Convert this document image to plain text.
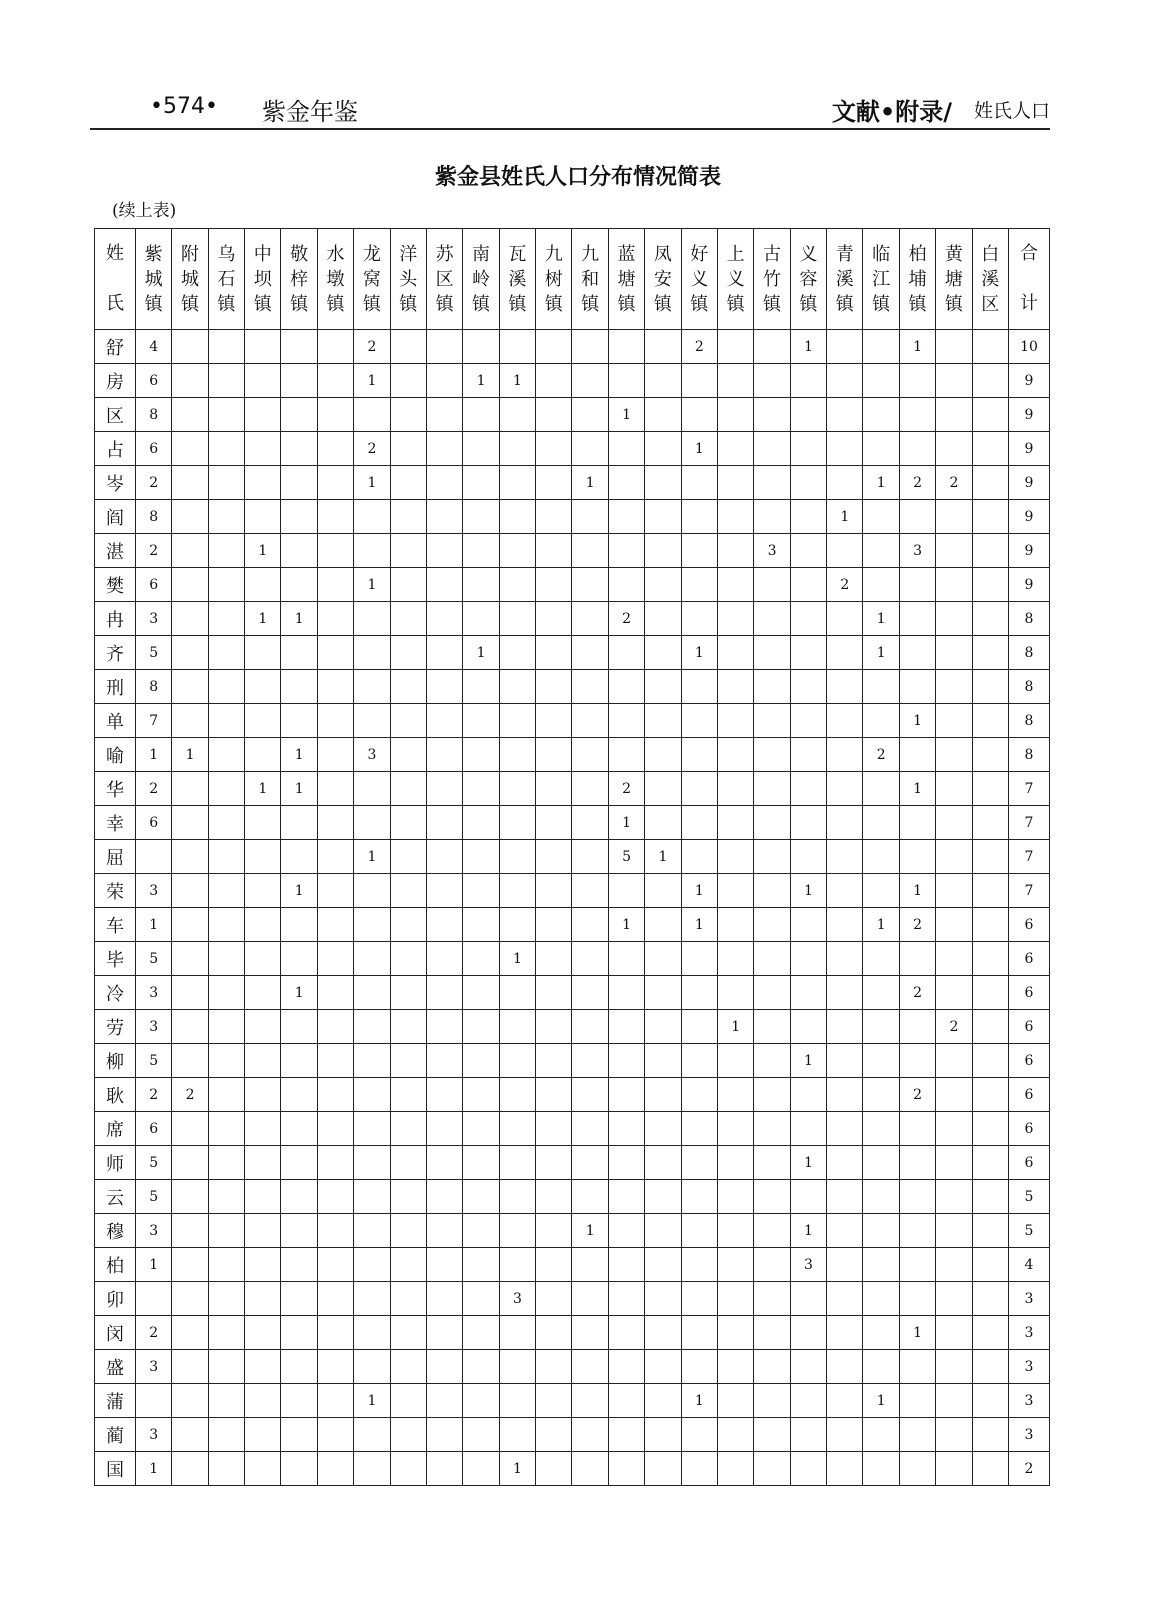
•574• 紫金年鉴	文献•附录/ 姓氏人口
紫金县姓氏人口分布情况简表
(续上表)
姓氏	紫城镇	附城镇	乌石镇	中坝镇	敬梓镇	水墩镇	龙窝镇	洋头镇	苏区镇	南岭镇	瓦溪镇	九树镇	九和镇	蓝塘镇	凤安镇	好义镇	上义镇	古竹镇	义容镇	青溪镇	临江镇	柏埔镇	黄塘镇	白溪区	合计
舒	4						2									2			1			1			10
房	6						1			1	1														9
区	8													1											9
占	6						2									1									9
岑	2						1						1								1	2	2		9
阎	8																			1					9
湛	2			1														3				3			9
樊	6						1													2					9
冉	3			1	1									2							1				8
齐	5									1						1					1				8
刑	8																								8
单	7																					1			8
喻	1	1			1		3														2				8
华	2			1	1									2								1			7
幸	6													1											7
屈							1							5	1										7
荣	3				1											1			1			1			7
车	1													1		1					1	2			6
毕	5										1														6
冷	3				1																	2			6
劳	3																1						2		6
柳	5																		1						6
耿	2	2																				2			6
席	6																								6
师	5																		1						6
云	5																								5
穆	3												1						1						5
柏	1																		3						4
卯											3														3
闵	2																					1			3
盛	3																								3
蒲							1									1					1				3
蔺	3																								3
国	1										1														2
